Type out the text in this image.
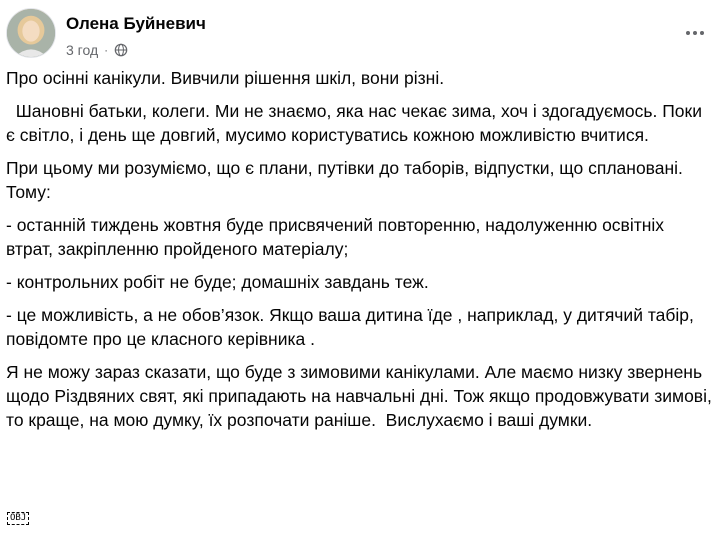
Олена Буйневич
3 год ·

Про осінні канікули. Вивчили рішення шкіл, вони різні.

Шановні батьки, колеги. Ми не знаємо, яка нас чекає зима, хоч і здогадуємось. Поки є світло, і день ще довгий, мусимо користуватись кожною можливістю вчитися.

При цьому ми розуміємо, що є плани, путівки до таборів, відпустки, що сплановані.  Тому:

- останній тиждень жовтня буде присвячений повторенню, надолуженню освітніх втрат, закріпленню пройденого матеріалу;

- контрольних робіт не буде; домашніх завдань теж.

- це можливість, а не обов’язок. Якщо ваша дитина їде , наприклад, у дитячий табір, повідомте про це класного керівника .

Я не можу зараз сказати, що буде з зимовими канікулами. Але маємо низку звернень щодо Різдвяних свят, які припадають на навчальні дні. Тож якщо продовжувати зимові, то краще, на мою думку, їх розпочати раніше.  Вислухаємо і ваші думки.

OBJ
